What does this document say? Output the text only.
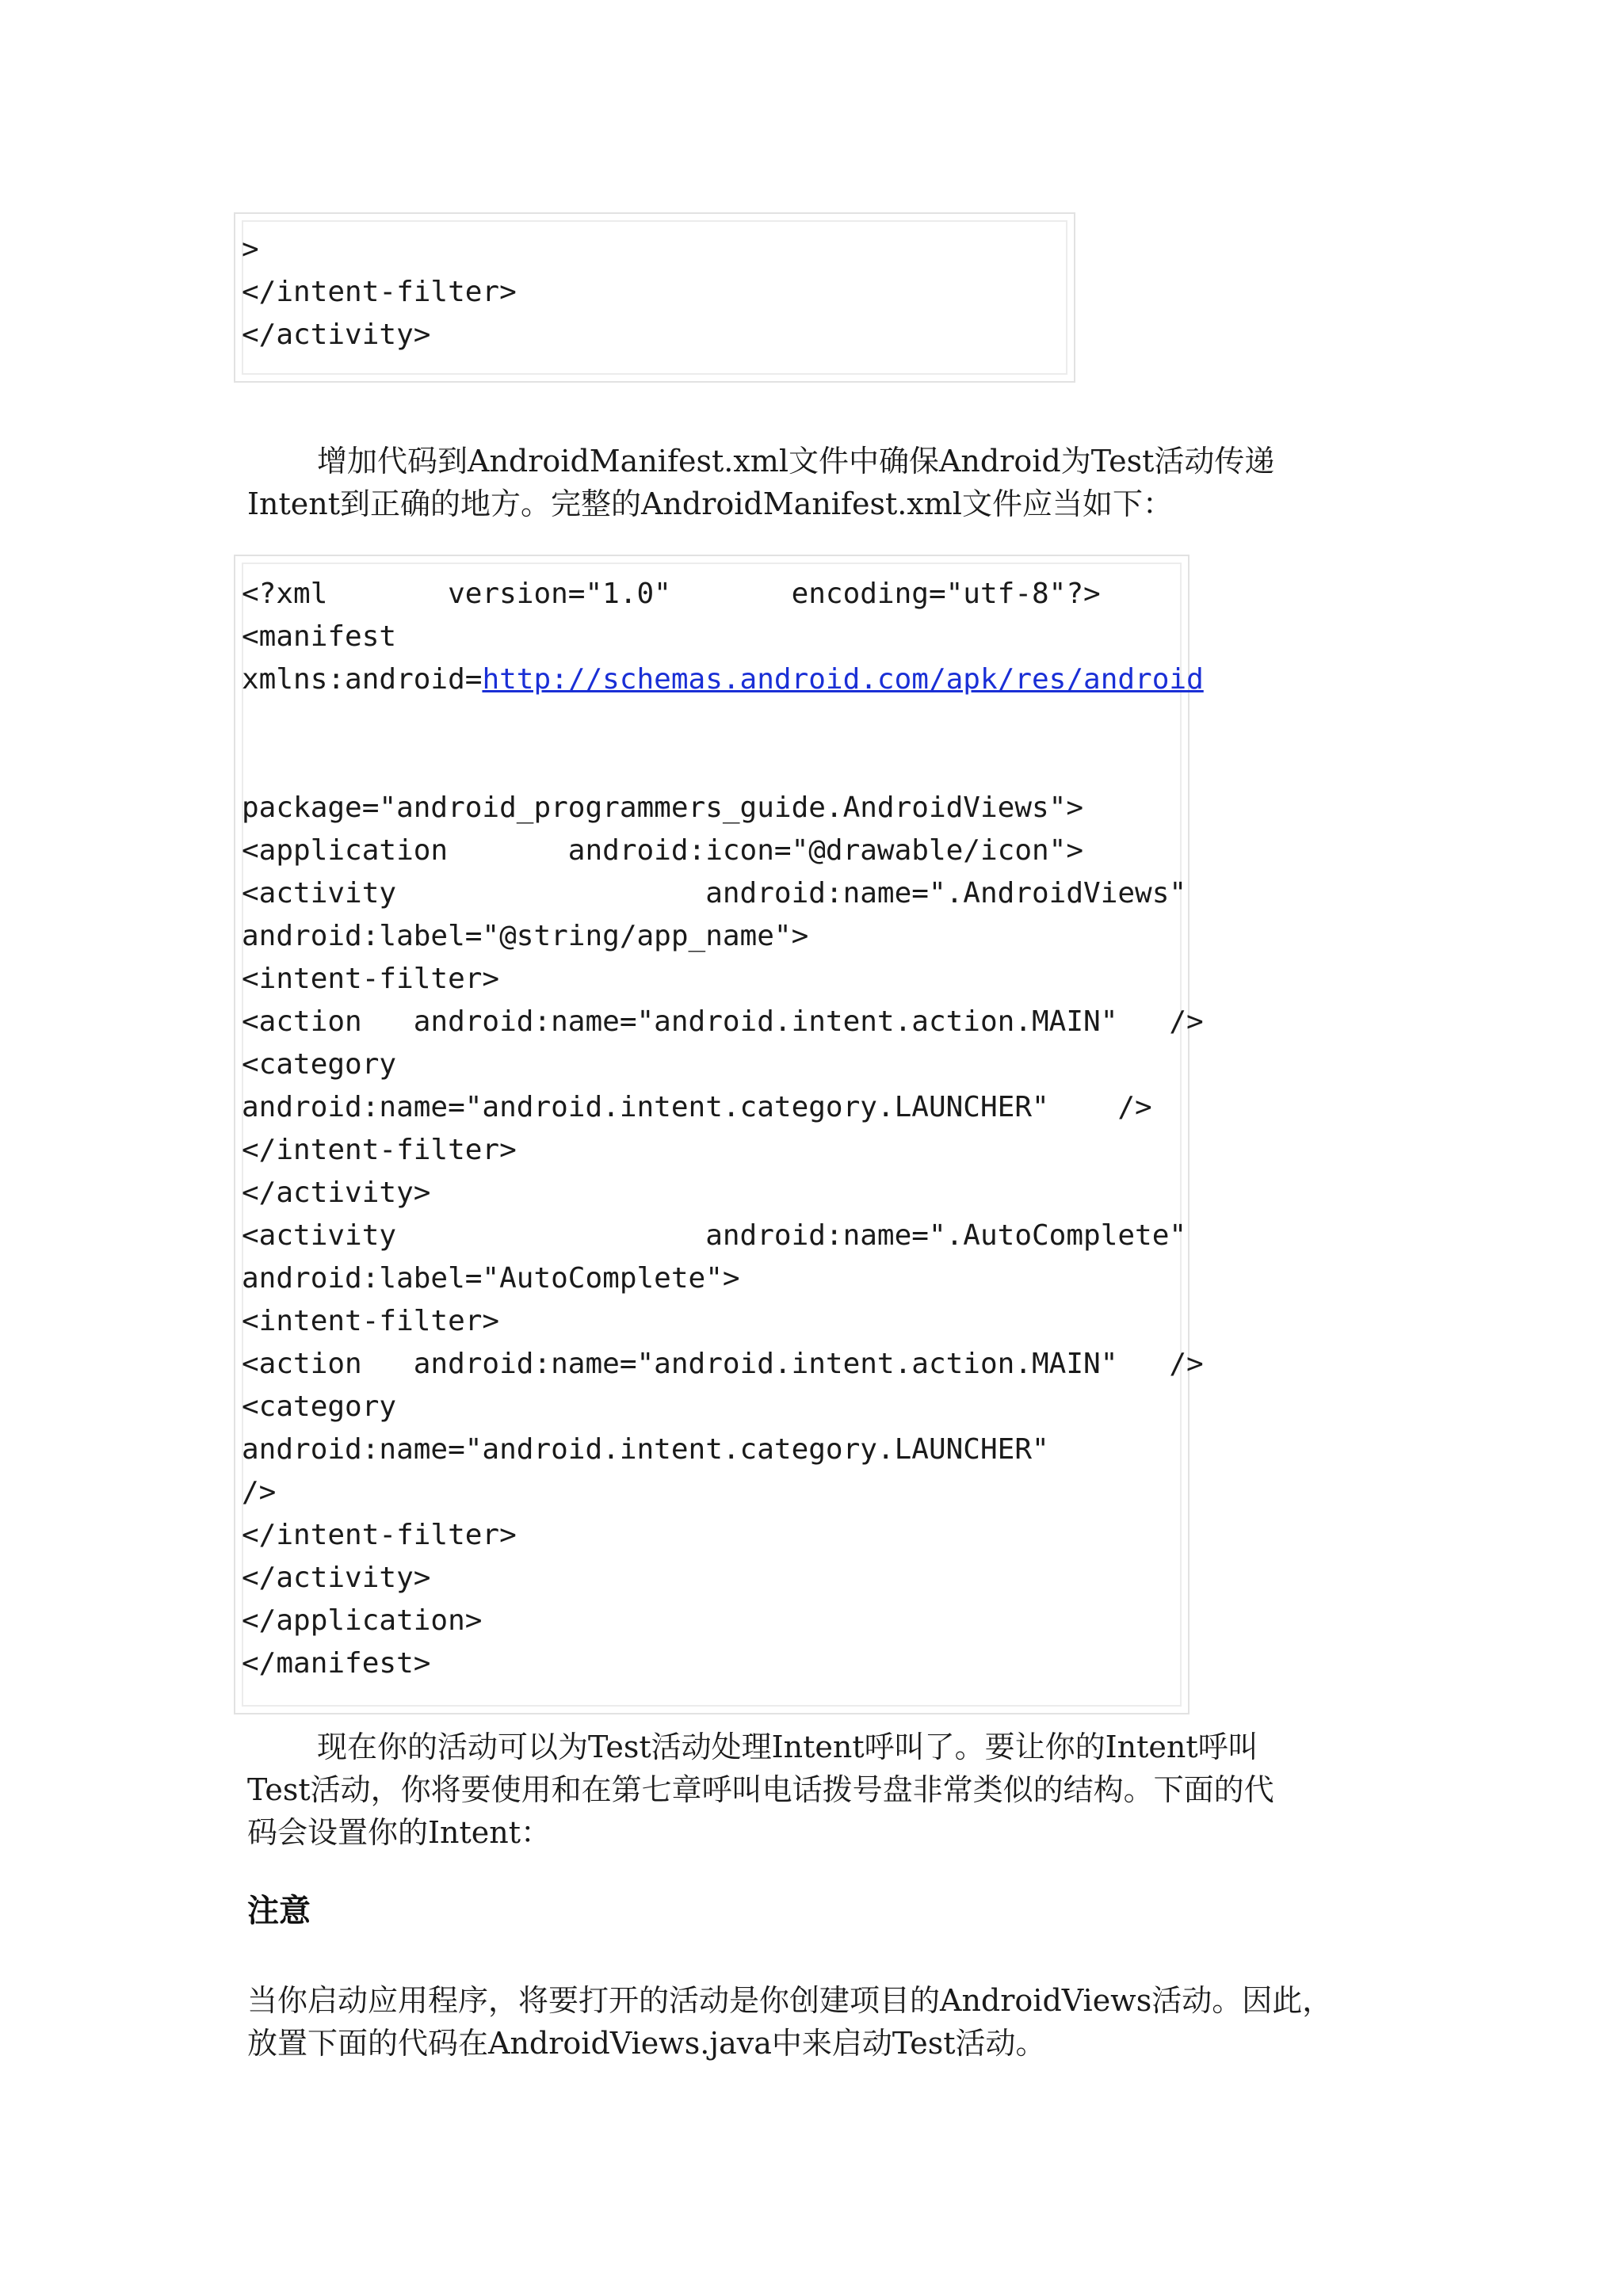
>
</intent-filter>
</activity>
增加代码到AndroidManifest.xml文件中确保Android为Test活动传递
Intent到正确的地方。完整的AndroidManifest.xml文件应当如下：
<?xml       version="1.0"       encoding="utf-8"?>
<manifest
xmlns:android=http://schemas.android.com/apk/res/android
package="android_programmers_guide.AndroidViews">
<application       android:icon="@drawable/icon">
<activity                  android:name=".AndroidViews"
android:label="@string/app_name">
<intent-filter>
<action   android:name="android.intent.action.MAIN"   />
<category
android:name="android.intent.category.LAUNCHER"    />
</intent-filter>
</activity>
<activity                  android:name=".AutoComplete"
android:label="AutoComplete">
<intent-filter>
<action   android:name="android.intent.action.MAIN"   />
<category
android:name="android.intent.category.LAUNCHER"
/>
</intent-filter>
</activity>
</application>
</manifest>
现在你的活动可以为Test活动处理Intent呼叫了。要让你的Intent呼叫
Test活动，你将要使用和在第七章呼叫电话拨号盘非常类似的结构。下面的代
码会设置你的Intent：
注意
当你启动应用程序，将要打开的活动是你创建项目的AndroidViews活动。因此，
放置下面的代码在AndroidViews.java中来启动Test活动。
